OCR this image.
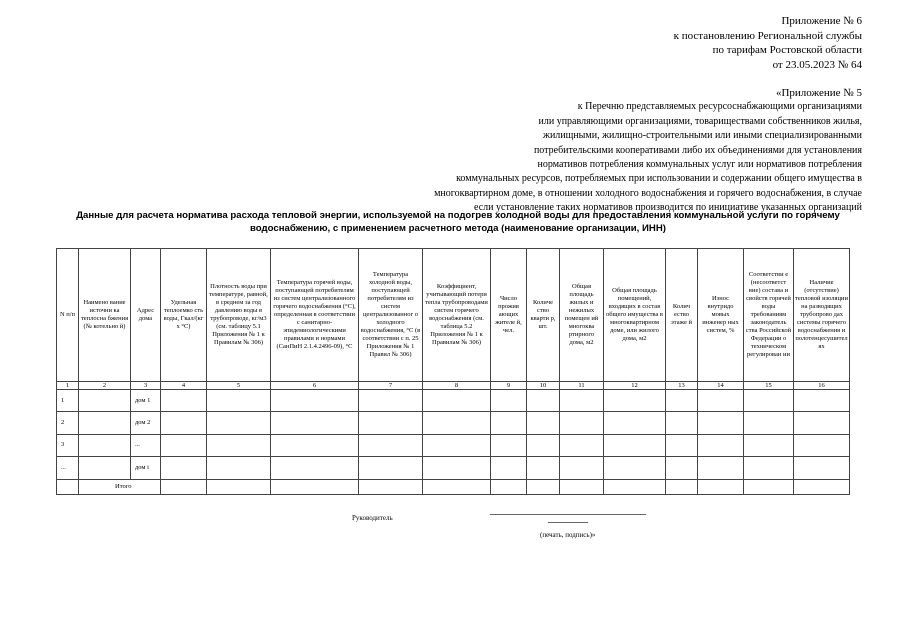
Приложение № 6
к постановлению Региональной службы
по тарифам Ростовской области
от 23.05.2023 № 64
«Приложение № 5
к Перечню представляемых ресурсоснабжающими организациями
или управляющими организациями, товариществами собственников жилья,
жилищными, жилищно-строительными или иными специализированными
потребительскими кооперативами либо их объединениями для установления
нормативов потребления коммунальных услуг или нормативов потребления
коммунальных ресурсов, потребляемых при использовании и содержании общего имущества в
многоквартирном доме, в отношении холодного водоснабжения и горячего водоснабжения, в случае
если установление таких нормативов производится по инициативе указанных организаций
Данные для расчета норматива расхода тепловой энергии, используемой на подогрев холодной воды для предоставления коммунальной услуги по горячему
водоснабжению, с применением расчетного метода (наименование организации, ИНН)
N п/п	Наимено вание источни ка теплосна бжения (№ котельно й)	Адрес дома	Удельная теплоемко сть воды, Гкал/(кг x °C)	Плотность воды при температуре, равной, в среднем за год давлению воды в трубопроводе, кг/м3 (см. таблицу 5.1 Приложения № 1 к Правилам № 306)	Температура горячей воды, поступающей потребителям из систем централизованного горячего водоснабжения (°C), определенная в соответствии с санитарно-эпидемиологическими правилами и нормами (СанПиН 2.1.4.2496-09), °C	Температура холодной воды, поступающей потребителям из систем централизованног о холодного водоснабжения, °C (в соответствии с п. 25 Приложения № 1 Правил № 306)	Коэффициент, учитывающий потери тепла трубопроводами систем горячего водоснабжения (см. таблица 5.2 Приложения № 1 к Правилам № 306)	Число прожив ающих жителе й, чел.	Количе ство кварти р, шт.	Общая площадь жилых и нежилых помещен ий многоква ртирного дома, м2	Общая площадь помещений, входящих в состав общего имущества в многоквартирном доме, или жилого дома, м2	Колич ество этаже й	Износ внутридо мовых инженер ных систем, %	Соответстви е (несоответст вие) состава и свойств горячей воды требованиям законодатель ства Российской Федерации о техническом регулирован ии	Наличие (отсутствие) тепловой изоляции на разводящих трубопрово дах системы горячего водоснабжения и полотенцесушителях
1	2	3	4	5	6	7	8	9	10	11	12	13	14	15	16
1		дом 1													
2		дом 2													
3		...													
...		дом i													
	Итого														
Руководитель
(печать, подпись)»
